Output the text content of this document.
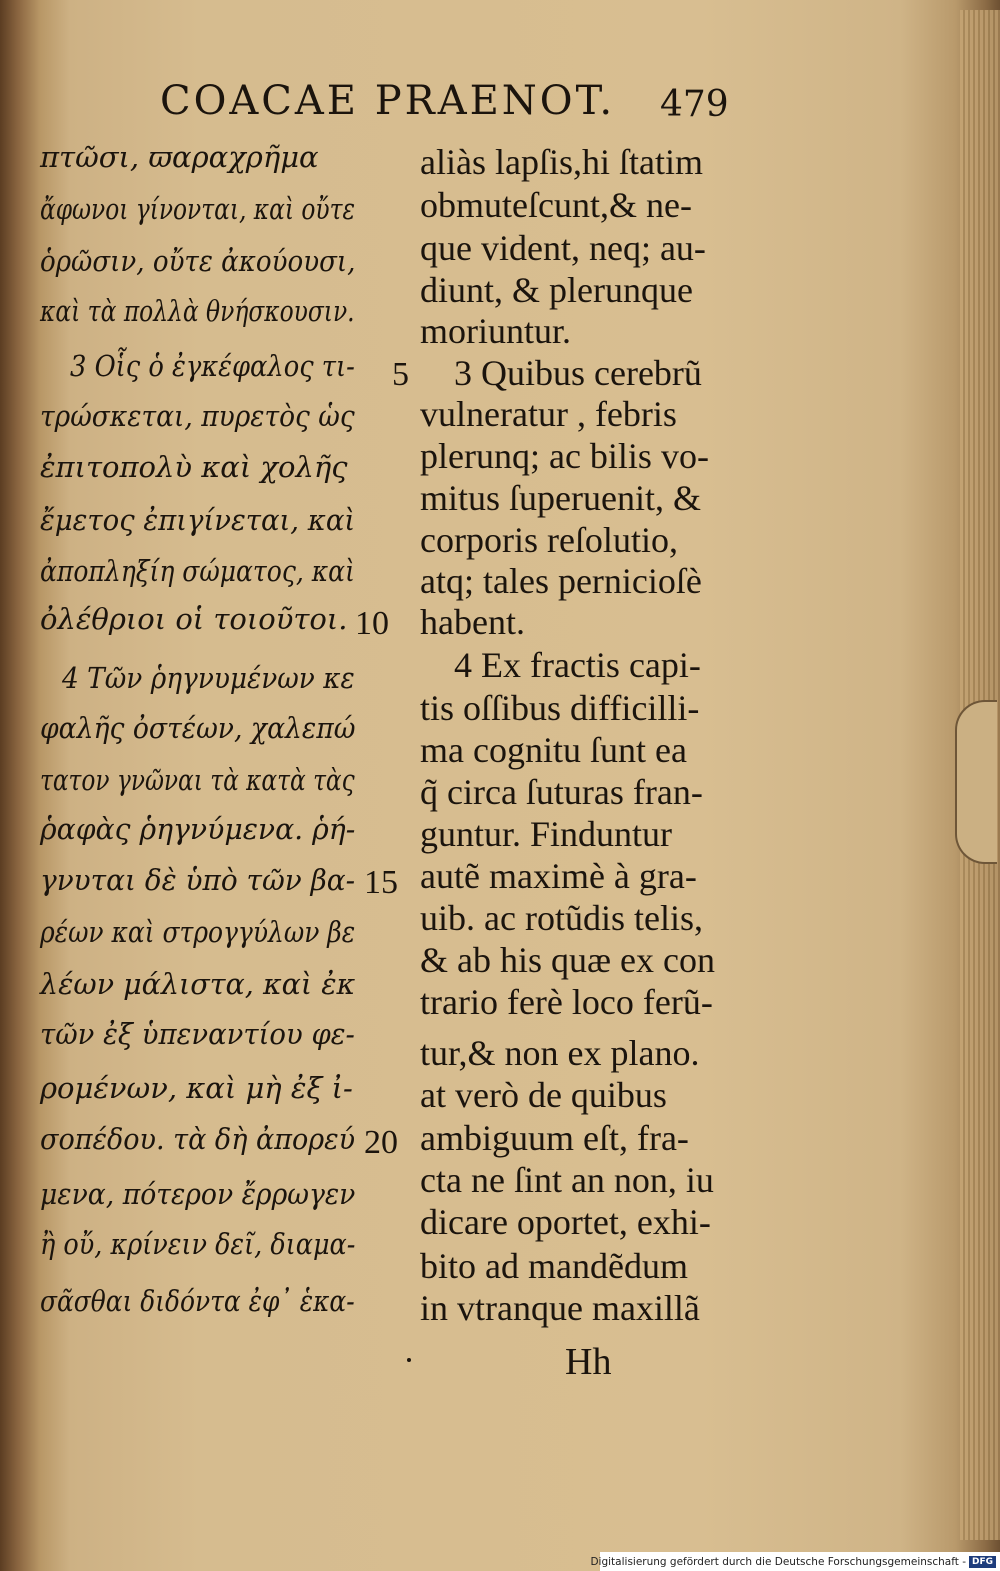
COACAE PRAENOT. 479
πτῶσι, ϖαραχρῆμα
ἄφωνοι γίνονται, καὶ οὔτε
ὁρῶσιν, οὔτε ἀκούουσι,
καὶ τὰ πολλὰ θνήσκουσιν.
3 Οἷς ὁ ἐγκέφαλος τι-
τρώσκεται, πυρετὸς ὡς
ἐπιτοπολὺ καὶ χολῆς
ἔμετος ἐπιγίνεται, καὶ
ἀποπληξίη σώματος, καὶ
ὀλέθριοι οἱ τοιοῦτοι.
4 Τῶν ῥηγνυμένων κε
φαλῆς ὀστέων, χαλεπώ
τατον γνῶναι τὰ κατὰ τὰς
ῥαφὰς ῥηγνύμενα. ῥή-
γνυται δὲ ὑπὸ τῶν βα-
ρέων καὶ στρογγύλων βε
λέων μάλιστα, καὶ ἐκ
τῶν ἐξ ὑπεναντίου φε-
ρομένων, καὶ μὴ ἐξ ἰ-
σοπέδου. τὰ δὴ ἀπορεύ
μενα, πότερον ἔρρωγεν
ἢ οὔ, κρίνειν δεῖ, διαμα-
σᾶσθαι διδόντα ἐφ᾽ ἑκα-
5
10
15
20
aliàs lapſis,hi ſtatim
obmuteſcunt,& ne-
que vident, neq; au-
diunt, & plerunque
moriuntur.
3 Quibus cerebrũ
vulneratur , febris
plerunq; ac bilis vo-
mitus ſuperuenit, &
corporis reſolutio,
atq; tales pernicioſè
habent.
4 Ex fractis capi-
tis oſſibus difficilli-
ma cognitu ſunt ea
q̃ circa ſuturas fran-
guntur. Finduntur
autẽ maximè à gra-
uib. ac rotũdis telis,
& ab his quæ ex con
trario ferè loco ferũ-
tur,& non ex plano.
at verò de quibus
ambiguum eſt, fra-
cta ne ſint an non, iu
dicare oportet, exhi-
bito ad mandẽdum
in vtranque maxillã
Hh
Digitalisierung gefördert durch die Deutsche Forschungsgemeinschaft - DFG
